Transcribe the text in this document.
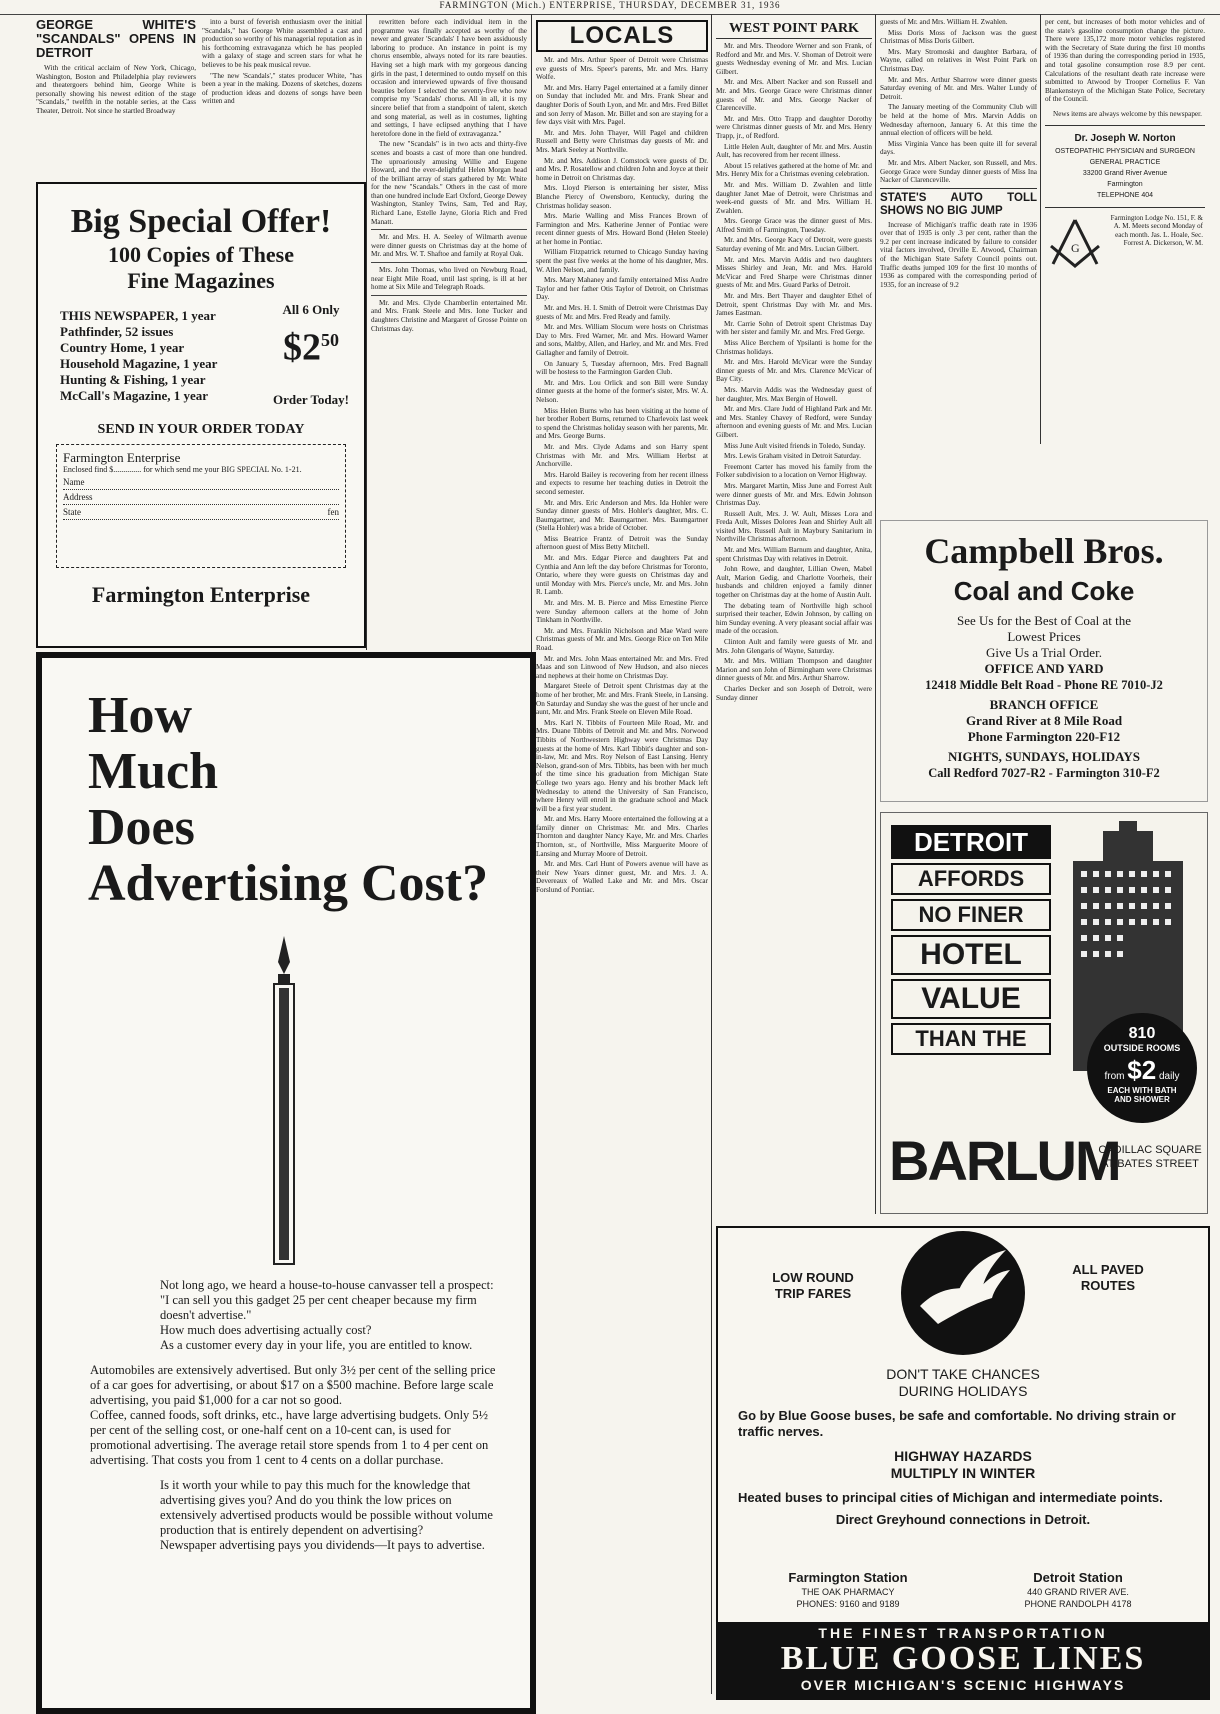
FARMINGTON (Mich.) ENTERPRISE, THURSDAY, DECEMBER 31, 1936
GEORGE WHITE'S "SCANDALS" OPENS IN DETROIT

With the critical acclaim of New York, Chicago, Washington, Boston and Philadelphia play reviewers and theatergoers behind him, George White is personally showing his newest edition of the stage "Scandals," twelfth in the notable series, at the Cass Theater, Detroit. Not since he startled Broadway

into a burst of feverish enthusiasm over the initial "Scandals," has George White assembled a cast and production so worthy of his managerial reputation as in his forthcoming extravaganza which he has peopled with a galaxy of stage and screen stars for what he believes to be his peak musical revue.

"The new 'Scandals'," states producer White, "has been a year in the making. Dozens of sketches, dozens of production ideas and dozens of songs have been written and

rewritten before each individual item in the programme was finally accepted as worthy of the newer and greater 'Scandals' I have been assiduously laboring to produce. An instance in point is my chorus ensemble, always noted for its rare beauties. Having set a high mark with my gorgeous dancing girls in the past, I determined to outdo myself on this occasion and interviewed upwards of five thousand beauties before I selected the seventy-five who now comprise my 'Scandals' chorus. All in all, it is my sincere belief that from a standpoint of talent, sketch and song material, as well as in costumes, lighting and settings, I have eclipsed anything that I have heretofore done in the field of extravaganza."

The new "Scandals" is in two acts and thirty-five scenes and boasts a cast of more than one hundred. The uproariously amusing Willie and Eugene Howard, and the ever-delightful Helen Morgan head of the brilliant array of stars gathered by Mr. White for the new "Scandals." Others in the cast of more than one hundred include Earl Oxford, George Dewey Washington, Stanley Twins, Sam, Ted and Ray, Richard Lane, Estelle Jayne, Gloria Rich and Fred Manatt.

Mr. and Mrs. H. A. Seeley of Wilmarth avenue were dinner guests on Christmas day at the home of Mr. and Mrs. W. T. Shaftoe and family at Royal Oak.

Mrs. John Thomas, who lived on Newburg Road, near Eight Mile Road, until last spring, is ill at her home at Six Mile and Telegraph Roads.

Mr. and Mrs. Clyde Chamberlin entertained Mr. and Mrs. Frank Steele and Mrs. Ione Tucker and daughters Christine and Margaret of Grosse Pointe on Christmas day.

Big Special Offer!
100 Copies of These
Fine Magazines
THIS NEWSPAPER, 1 year
Pathfinder, 52 issues
Country Home, 1 year
Household Magazine, 1 year
Hunting & Fishing, 1 year
McCall's Magazine, 1 year
All 6 Only
$\$2^{50}$
Order Today!
SEND IN YOUR ORDER TODAY
Farmington Enterprise
Enclosed find $.............. for which send me your BIG SPECIAL No. 1-21.
Name
Address
State	fen
Farmington Enterprise
How
Much
Does
Advertising Cost?

Not long ago, we heard a house-to-house canvasser tell a prospect: "I can sell you this gadget 25 per cent cheaper because my firm doesn't advertise."

How much does advertising actually cost?

As a customer every day in your life, you are entitled to know.

Automobiles are extensively advertised. But only 3½ per cent of the selling price of a car goes for advertising, or about $17 on a $500 machine. Before large scale advertising, you paid $1,000 for a car not so good.

Coffee, canned foods, soft drinks, etc., have large advertising budgets. Only 5½ per cent of the selling cost, or one-half cent on a 10-cent can, is used for promotional advertising. The average retail store spends from 1 to 4 per cent on advertising. That costs you from 1 cent to 4 cents on a dollar purchase.

Is it worth your while to pay this much for the knowledge that advertising gives you? And do you think the low prices on extensively advertised products would be possible without volume production that is entirely dependent on advertising?

Newspaper advertising pays you dividends—It pays to advertise.

LOCALS

Mr. and Mrs. Arthur Speer of Detroit were Christmas eve guests of Mrs. Speer's parents, Mr. and Mrs. Harry Wolfe.

Mr. and Mrs. Harry Pagel entertained at a family dinner on Sunday that included Mr. and Mrs. Frank Shear and daughter Doris of South Lyon, and Mr. and Mrs. Fred Billet and son Jerry of Mason. Mr. Billet and son are staying for a few days visit with Mrs. Pagel.

Mr. and Mrs. John Thayer, Will Pagel and children Russell and Betty were Christmas day guests of Mr. and Mrs. Mark Seeley at Northville.

Mr. and Mrs. Addison J. Comstock were guests of Dr. and Mrs. P. Rosatellow and children John and Joyce at their home in Detroit on Christmas day.

Mrs. Lloyd Pierson is entertaining her sister, Miss Blanche Piercy of Owensboro, Kentucky, during the Christmas holiday season.

Mrs. Marie Walling and Miss Frances Brown of Farmington and Mrs. Katherine Jenner of Pontiac were recent dinner guests of Mrs. Howard Bond (Helen Steele) at her home in Pontiac.

William Fitzpatrick returned to Chicago Sunday having spent the past five weeks at the home of his daughter, Mrs. W. Allen Nelson, and family.

Mrs. Mary Mahaney and family entertained Miss Audre Taylor and her father Otis Taylor of Detroit, on Christmas Day.

Mr. and Mrs. H. I. Smith of Detroit were Christmas Day guests of Mr. and Mrs. Fred Ready and family.

Mr. and Mrs. William Slocum were hosts on Christmas Day to Mrs. Fred Warner, Mr. and Mrs. Howard Warner and sons, Maltby, Allen, and Harley, and Mr. and Mrs. Fred Gallagher and family of Detroit.

On January 5, Tuesday afternoon, Mrs. Fred Bagnall will be hostess to the Farmington Garden Club.

Mr. and Mrs. Lou Orlick and son Bill were Sunday dinner guests at the home of the former's sister, Mrs. W. A. Nelson.

Miss Helen Burns who has been visiting at the home of her brother Robert Burns, returned to Charlevoix last week to spend the Christmas holiday season with her parents, Mr. and Mrs. George Burns.

Mr. and Mrs. Clyde Adams and son Harry spent Christmas with Mr. and Mrs. William Herbst at Anchorville.

Mrs. Harold Bailey is recovering from her recent illness and expects to resume her teaching duties in Detroit the second semester.

Mr. and Mrs. Eric Anderson and Mrs. Ida Hohler were Sunday dinner guests of Mrs. Hohler's daughter, Mrs. C. Baumgartner, and Mr. Baumgartner. Mrs. Baumgartner (Stella Hohler) was a bride of October.

Miss Beatrice Frantz of Detroit was the Sunday afternoon guest of Miss Betty Mitchell.

Mr. and Mrs. Edgar Pierce and daughters Pat and Cynthia and Ann left the day before Christmas for Toronto, Ontario, where they were guests on Christmas day and until Monday with Mrs. Pierce's uncle, Mr. and Mrs. John R. Lamb.

Mr. and Mrs. M. B. Pierce and Miss Ernestine Pierce were Sunday afternoon callers at the home of John Tinkham in Northville.

Mr. and Mrs. Franklin Nicholson and Mae Ward were Christmas guests of Mr. and Mrs. George Rice on Ten Mile Road.

Mr. and Mrs. John Maas entertained Mr. and Mrs. Fred Maas and son Linwood of New Hudson, and also nieces and nephews at their home on Christmas Day.

Margaret Steele of Detroit spent Christmas day at the home of her brother, Mr. and Mrs. Frank Steele, in Lansing. On Saturday and Sunday she was the guest of her uncle and aunt, Mr. and Mrs. Frank Steele on Eleven Mile Road.

Mrs. Karl N. Tibbits of Fourteen Mile Road, Mr. and Mrs. Duane Tibbits of Detroit and Mr. and Mrs. Norwood Tibbits of Northwestern Highway were Christmas Day guests at the home of Mrs. Karl Tibbit's daughter and son-in-law, Mr. and Mrs. Roy Nelson of East Lansing. Henry Nelson, grand-son of Mrs. Tibbits, has been with her much of the time since his graduation from Michigan State College two years ago. Henry and his brother Mack left Wednesday to attend the University of San Francisco, where Henry will enroll in the graduate school and Mack will be a first year student.

Mr. and Mrs. Harry Moore entertained the following at a family dinner on Christmas: Mr. and Mrs. Charles Thornton and daughter Nancy Kaye, Mr. and Mrs. Charles Thornton, sr., of Northville, Miss Marguerite Moore of Lansing and Murray Moore of Detroit.

Mr. and Mrs. Carl Hunt of Powers avenue will have as their New Years dinner guest, Mr. and Mrs. J. A. Devereaux of Walled Lake and Mr. and Mrs. Oscar Forslund of Pontiac.

WEST POINT PARK

Mr. and Mrs. Theodore Werner and son Frank, of Redford and Mr. and Mrs. V. Shoman of Detroit were guests Wednesday evening of Mr. and Mrs. Lucian Gilbert.

Mr. and Mrs. Albert Nacker and son Russell and Mr. and Mrs. George Grace were Christmas dinner guests of Mr. and Mrs. George Nacker of Clarenceville.

Mr. and Mrs. Otto Trapp and daughter Dorothy were Christmas dinner guests of Mr. and Mrs. Henry Trapp, jr., of Redford.

Little Helen Ault, daughter of Mr. and Mrs. Austin Ault, has recovered from her recent illness.

About 15 relatives gathered at the home of Mr. and Mrs. Henry Mix for a Christmas evening celebration.

Mr. and Mrs. William D. Zwahlen and little daughter Janet Mae of Detroit, were Christmas and week-end guests of Mr. and Mrs. William H. Zwahlen.

Mrs. George Grace was the dinner guest of Mrs. Alfred Smith of Farmington, Tuesday.

Mr. and Mrs. George Kacy of Detroit, were guests Saturday evening of Mr. and Mrs. Lucian Gilbert.

Mr. and Mrs. Marvin Addis and two daughters Misses Shirley and Jean, Mr. and Mrs. Harold McVicar and Fred Sharpe were Christmas dinner guests of Mr. and Mrs. Guard Parks of Detroit.

Mr. and Mrs. Bert Thayer and daughter Ethel of Detroit, spent Christmas Day with Mr. and Mrs. James Eastman.

Mr. Carrie Sohn of Detroit spent Christmas Day with her sister and family Mr. and Mrs. Fred Gerge.

Miss Alice Berchem of Ypsilanti is home for the Christmas holidays.

Mr. and Mrs. Harold McVicar were the Sunday dinner guests of Mr. and Mrs. Clarence McVicar of Bay City.

Mrs. Marvin Addis was the Wednesday guest of her daughter, Mrs. Max Bergin of Howell.

Mr. and Mrs. Clare Judd of Highland Park and Mr. and Mrs. Stanley Chavey of Redford, were Sunday afternoon and evening guests of Mr. and Mrs. Lucian Gilbert.

Miss June Ault visited friends in Toledo, Sunday.

Mrs. Lewis Graham visited in Detroit Saturday.

Freemont Carter has moved his family from the Folker subdivision to a location on Vernor Highway.

Mrs. Margaret Martin, Miss June and Forrest Ault were dinner guests of Mr. and Mrs. Edwin Johnson Christmas Day.

Russell Ault, Mrs. J. W. Ault, Misses Lora and Freda Ault, Misses Dolores Jean and Shirley Ault all visited Mrs. Russell Ault in Maybury Sanitarium in Northville Christmas afternoon.

Mr. and Mrs. William Barnum and daughter, Anita, spent Christmas Day with relatives in Detroit.

John Rowe, and daughter, Lillian Owen, Mabel Ault, Marion Gedig, and Charlotte Voorheis, their husbands and children enjoyed a family dinner together on Christmas day at the home of Austin Ault.

The debating team of Northville high school surprised their teacher, Edwin Johnson, by calling on him Sunday evening. A very pleasant social affair was made of the occasion.

Clinton Ault and family were guests of Mr. and Mrs. John Glengaris of Wayne, Saturday.

Mr. and Mrs. William Thompson and daughter Marion and son John of Birmingham were Christmas dinner guests of Mr. and Mrs. Arthur Sharrow.

Charles Decker and son Joseph of Detroit, were Sunday dinner

guests of Mr. and Mrs. William H. Zwahlen.

Miss Doris Moss of Jackson was the guest Christmas of Miss Doris Gilbert.

Mrs. Mary Stromoski and daughter Barbara, of Wayne, called on relatives in West Point Park on Christmas Day.

Mr. and Mrs. Arthur Sharrow were dinner guests Saturday evening of Mr. and Mrs. Walter Lundy of Detroit.

The January meeting of the Community Club will be held at the home of Mrs. Marvin Addis on Wednesday afternoon, January 6. At this time the annual election of officers will be held.

Miss Virginia Vance has been quite ill for several days.

Mr. and Mrs. Albert Nacker, son Russell, and Mrs. George Grace were Sunday dinner guests of Miss Ina Nacker of Clarenceville.

STATE'S AUTO TOLL SHOWS NO BIG JUMP

Increase of Michigan's traffic death rate in 1936 over that of 1935 is only .3 per cent, rather than the 9.2 per cent increase indicated by failure to consider vital factors involved, Orville E. Atwood, Chairman of the Michigan State Safety Council points out. Traffic deaths jumped 109 for the first 10 months of 1936 as compared with the corresponding period of 1935, for an increase of 9.2

per cent, but increases of both motor vehicles and of the state's gasoline consumption change the picture. There were 135,172 more motor vehicles registered with the Secretary of State during the first 10 months of 1936 than during the corresponding period in 1935, and total gasoline consumption rose 8.9 per cent. Calculations of the resultant death rate increase were submitted to Atwood by Trooper Cornelius F. Van Blankensteyn of the Michigan State Police, Secretary of the Council.

News items are always welcome by this newspaper.

Dr. Joseph W. Norton
OSTEOPATHIC PHYSICIAN and SURGEON
GENERAL PRACTICE
33200 Grand River Avenue
Farmington
TELEPHONE 404
G
Farmington Lodge No. 151, F. & A. M. Meets second Monday of each month. Jas. L. Hoale, Sec. Forrest A. Dickerson, W. M.
Campbell Bros.
Coal and Coke
See Us for the Best of Coal at the
Lowest Prices
Give Us a Trial Order.
OFFICE AND YARD
12418 Middle Belt Road - Phone RE 7010-J2
BRANCH OFFICE
Grand River at 8 Mile Road
Phone Farmington 220-F12
NIGHTS, SUNDAYS, HOLIDAYS
Call Redford 7027-R2 - Farmington 310-F2
810
OUTSIDE ROOMS
from $2 daily
EACH WITH BATH AND SHOWER
DETROIT
AFFORDS
NO FINER
HOTEL
VALUE
THAN THE
BARLUM
CADILLAC SQUARE
AT BATES STREET
LOW ROUND TRIP FARES
ALL PAVED ROUTES
DON'T TAKE CHANCES
DURING HOLIDAYS
Go by Blue Goose buses, be safe and comfortable. No driving strain or traffic nerves.
HIGHWAY HAZARDS
MULTIPLY IN WINTER
Heated buses to principal cities of Michigan and intermediate points.
Direct Greyhound connections in Detroit.
Farmington Station
THE OAK PHARMACY
PHONES: 9160 and 9189
Detroit Station
440 GRAND RIVER AVE.
PHONE RANDOLPH 4178
THE FINEST TRANSPORTATION
BLUE GOOSE LINES
OVER MICHIGAN'S SCENIC HIGHWAYS
